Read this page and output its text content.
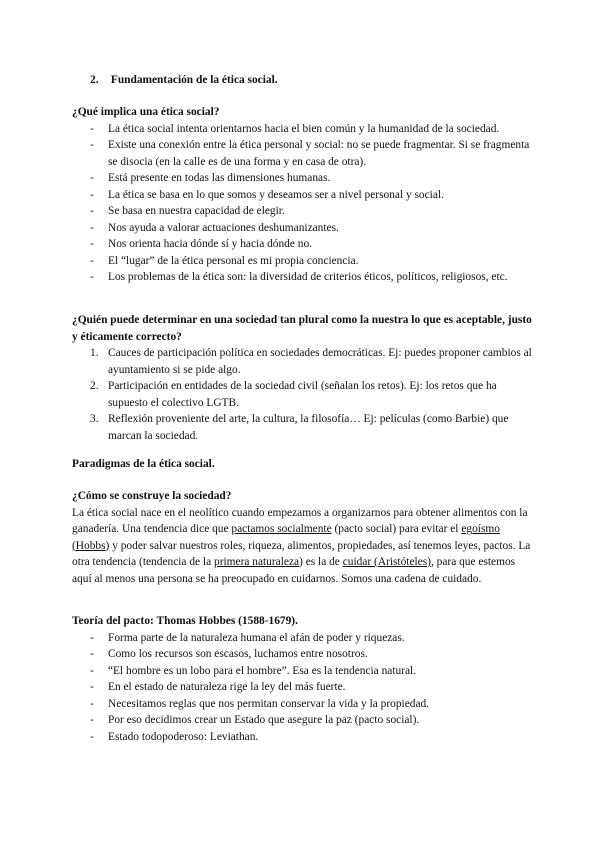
2. Fundamentación de la ética social.

¿Qué implica una ética social?

- La ética social intenta orientarnos hacia el bien común y la humanidad de la sociedad.
- Existe una conexión entre la ética personal y social: no se puede fragmentar. Si se fragmenta se disocia (en la calle es de una forma y en casa de otra).
- Está presente en todas las dimensiones humanas.
- La ética se basa en lo que somos y deseamos ser a nivel personal y social.
- Se basa en nuestra capacidad de elegir.
- Nos ayuda a valorar actuaciones deshumanizantes.
- Nos orienta hacia dónde sí y hacia dónde no.
- El “lugar” de la ética personal es mi propia conciencia.
- Los problemas de la ética son: la diversidad de criterios éticos, políticos, religiosos, etc.

¿Quién puede determinar en una sociedad tan plural como la nuestra lo que es aceptable, justo y éticamente correcto?

1. Cauces de participación política en sociedades democráticas. Ej: puedes proponer cambios al ayuntamiento si se pide algo.
2. Participación en entidades de la sociedad civil (señalan los retos). Ej: los retos que ha supuesto el colectivo LGTB.
3. Reflexión proveniente del arte, la cultura, la filosofía… Ej: películas (como Barbie) que marcan la sociedad.

Paradigmas de la ética social.

¿Cómo se construye la sociedad?

La ética social nace en el neolítico cuando empezamos a organizarnos para obtener alimentos con la ganadería. Una tendencia dice que pactamos socialmente (pacto social) para evitar el egoísmo (Hobbs) y poder salvar nuestros roles, riqueza, alimentos, propiedades, así tenemos leyes, pactos. La otra tendencia (tendencia de la primera naturaleza) es la de cuidar (Aristóteles), para que estemos aquí al menos una persona se ha preocupado en cuidarnos. Somos una cadena de cuidado.

Teoría del pacto: Thomas Hobbes (1588-1679).

- Forma parte de la naturaleza humana el afán de poder y riquezas.
- Como los recursos son escasos, luchamos entre nosotros.
- “El hombre es un lobo para el hombre”. Esa es la tendencia natural.
- En el estado de naturaleza rige la ley del más fuerte.
- Necesitamos reglas que nos permitan conservar la vida y la propiedad.
- Por eso decidimos crear un Estado que asegure la paz (pacto social).
- Estado todopoderoso: Leviathan.
